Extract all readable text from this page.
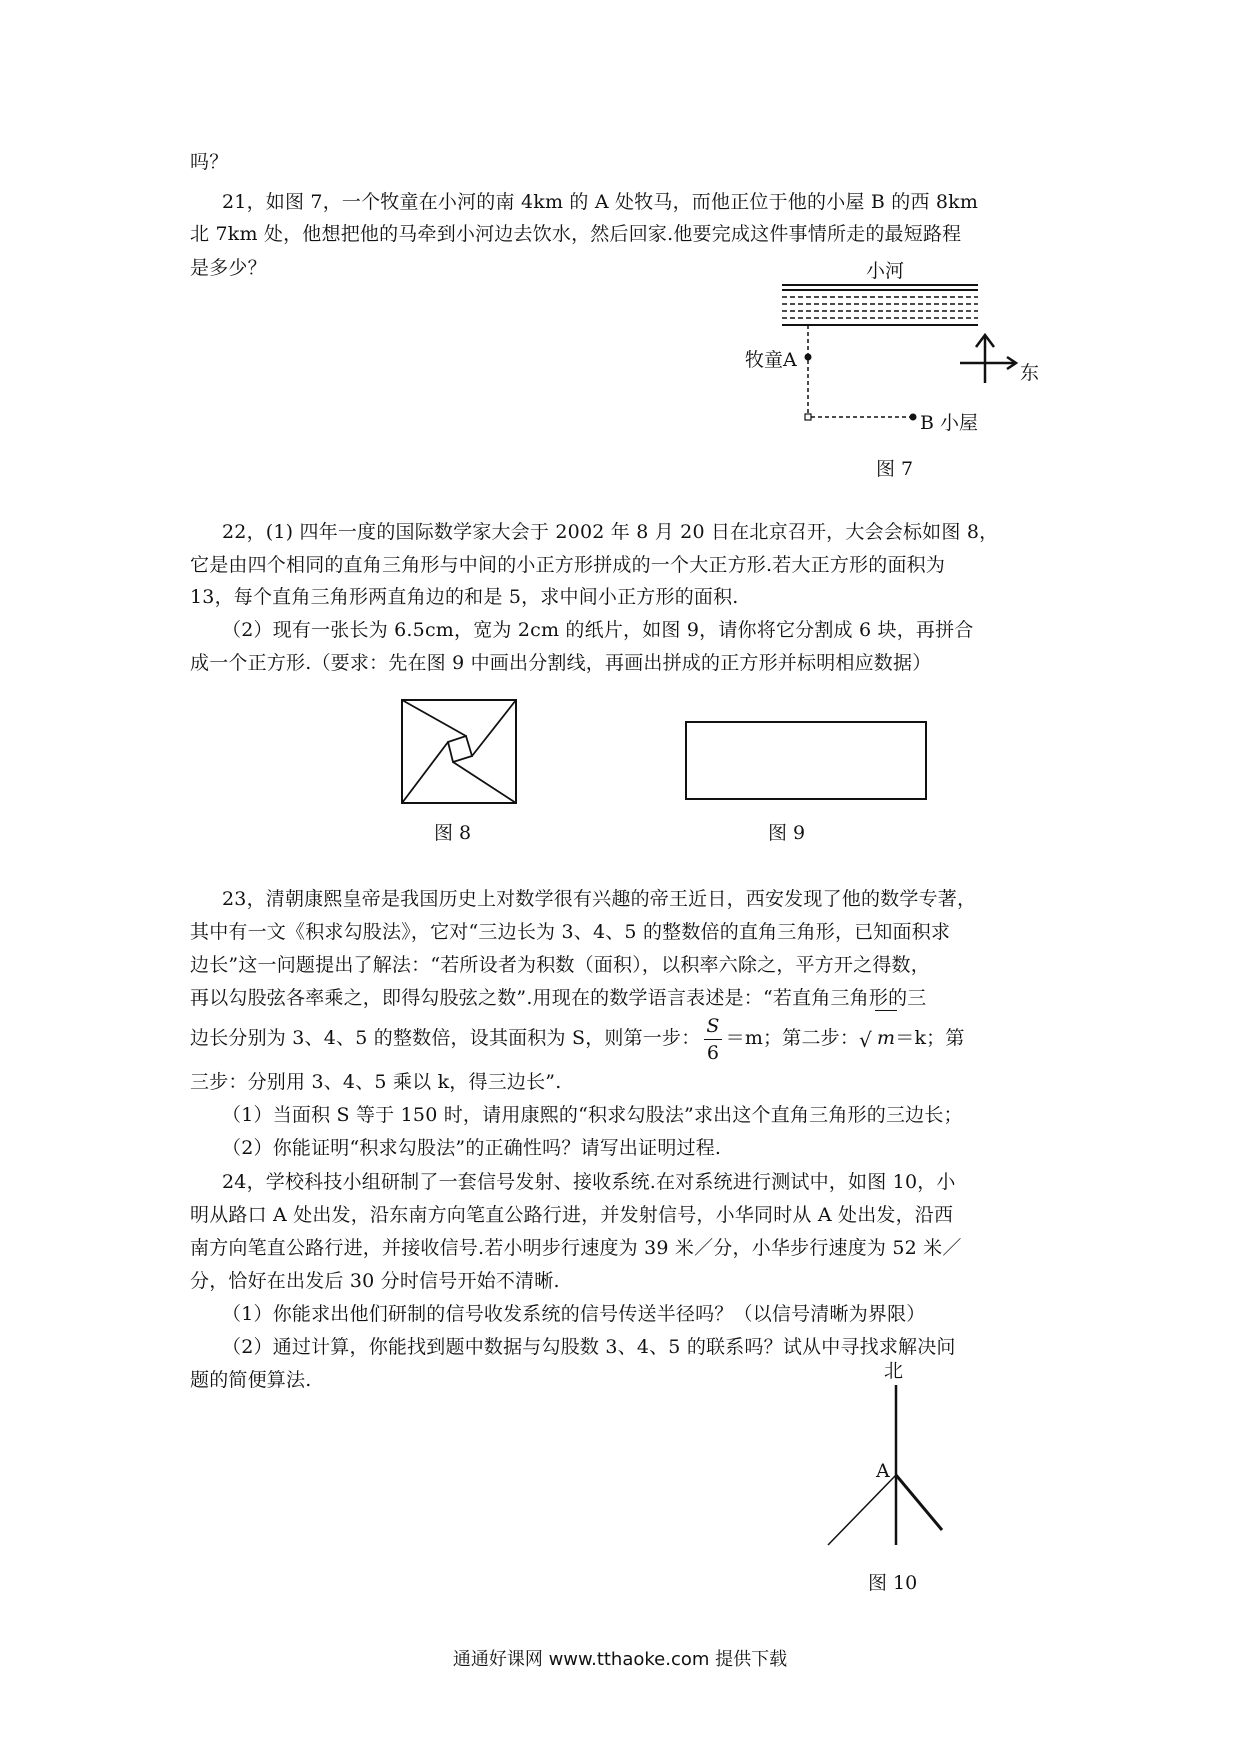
吗？
21，如图 7，一个牧童在小河的南 4km 的 A 处牧马，而他正位于他的小屋 B 的西 8km
北 7km 处，他想把他的马牵到小河边去饮水，然后回家.他要完成这件事情所走的最短路程
是多少？	小河
牧童A
B 小屋
东
图 7
22，(1) 四年一度的国际数学家大会于 2002 年 8 月 20 日在北京召开，大会会标如图 8，
它是由四个相同的直角三角形与中间的小正方形拼成的一个大正方形.若大正方形的面积为
13，每个直角三角形两直角边的和是 5，求中间小正方形的面积.
（2）现有一张长为 6.5cm，宽为 2cm 的纸片，如图 9，请你将它分割成 6 块，再拼合
成一个正方形.（要求：先在图 9 中画出分割线，再画出拼成的正方形并标明相应数据）
图 8	图 9
23，清朝康熙皇帝是我国历史上对数学很有兴趣的帝王近日，西安发现了他的数学专著，
其中有一文《积求勾股法》，它对“三边长为 3、4、5 的整数倍的直角三角形，已知面积求
边长”这一问题提出了解法：“若所设者为积数（面积），以积率六除之，平方开之得数，
再以勾股弦各率乘之，即得勾股弦之数”.用现在的数学语言表述是：“若直角三角形的三
边长分别为 3、4、5 的整数倍，设其面积为 S，则第一步： $\frac{S}{6} =m$；第二步： √ m＝k；第
三步：分别用 3、4、5 乘以 k，得三边长”.
（1）当面积 S 等于 150 时，请用康熙的“积求勾股法”求出这个直角三角形的三边长；
（2）你能证明“积求勾股法”的正确性吗？请写出证明过程.
24，学校科技小组研制了一套信号发射、接收系统.在对系统进行测试中，如图 10，小
明从路口 A 处出发，沿东南方向笔直公路行进，并发射信号，小华同时从 A 处出发，沿西
南方向笔直公路行进，并接收信号.若小明步行速度为 39 米／分，小华步行速度为 52 米／
分，恰好在出发后 30 分时信号开始不清晰.
（1）你能求出他们研制的信号收发系统的信号传送半径吗？（以信号清晰为界限）
（2）通过计算，你能找到题中数据与勾股数 3、4、5 的联系吗？试从中寻找求解决问
题的简便算法.	北
A
图 10
通通好课网 www.tthaoke.com 提供下载
